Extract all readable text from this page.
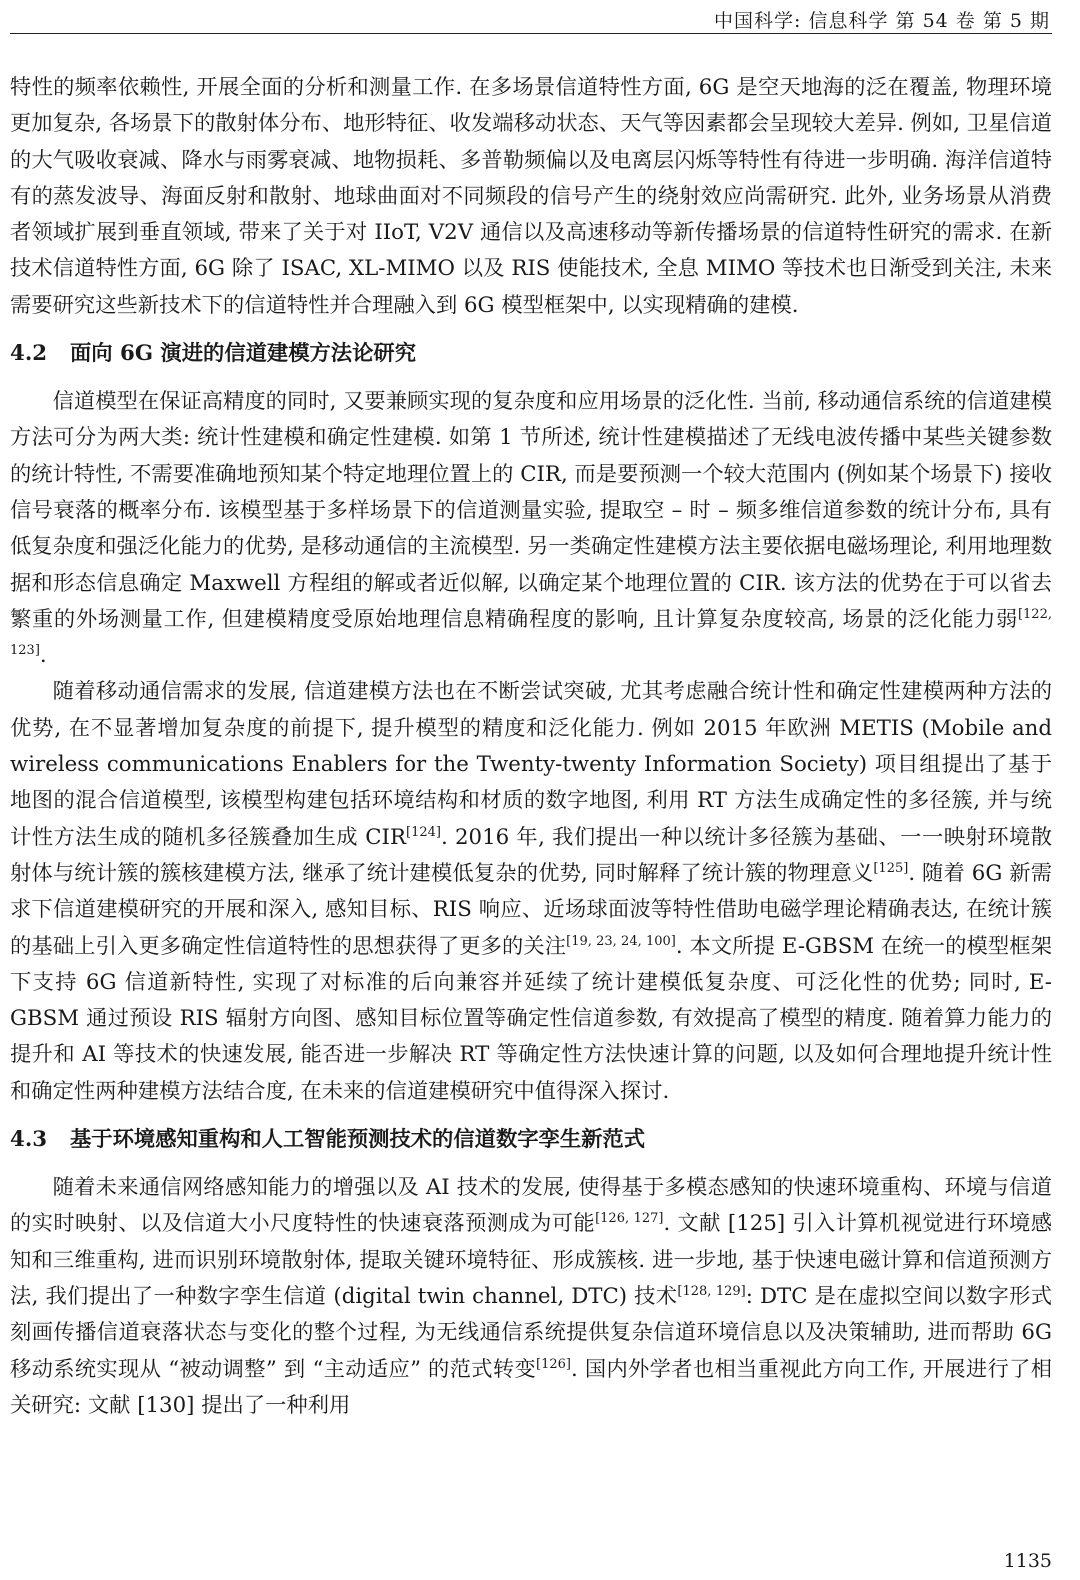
中国科学: 信息科学 第 54 卷 第 5 期

特性的频率依赖性, 开展全面的分析和测量工作. 在多场景信道特性方面, 6G 是空天地海的泛在覆盖, 物理环境更加复杂, 各场景下的散射体分布、地形特征、收发端移动状态、天气等因素都会呈现较大差异. 例如, 卫星信道的大气吸收衰减、降水与雨雾衰减、地物损耗、多普勒频偏以及电离层闪烁等特性有待进一步明确. 海洋信道特有的蒸发波导、海面反射和散射、地球曲面对不同频段的信号产生的绕射效应尚需研究. 此外, 业务场景从消费者领域扩展到垂直领域, 带来了关于对 IIoT, V2V 通信以及高速移动等新传播场景的信道特性研究的需求. 在新技术信道特性方面, 6G 除了 ISAC, XL-MIMO 以及 RIS 使能技术, 全息 MIMO 等技术也日渐受到关注, 未来需要研究这些新技术下的信道特性并合理融入到 6G 模型框架中, 以实现精确的建模.

4.2 面向 6G 演进的信道建模方法论研究

信道模型在保证高精度的同时, 又要兼顾实现的复杂度和应用场景的泛化性. 当前, 移动通信系统的信道建模方法可分为两大类: 统计性建模和确定性建模. 如第 1 节所述, 统计性建模描述了无线电波传播中某些关键参数的统计特性, 不需要准确地预知某个特定地理位置上的 CIR, 而是要预测一个较大范围内 (例如某个场景下) 接收信号衰落的概率分布. 该模型基于多样场景下的信道测量实验, 提取空 – 时 – 频多维信道参数的统计分布, 具有低复杂度和强泛化能力的优势, 是移动通信的主流模型. 另一类确定性建模方法主要依据电磁场理论, 利用地理数据和形态信息确定 Maxwell 方程组的解或者近似解, 以确定某个地理位置的 CIR. 该方法的优势在于可以省去繁重的外场测量工作, 但建模精度受原始地理信息精确程度的影响, 且计算复杂度较高, 场景的泛化能力弱[122, 123].

随着移动通信需求的发展, 信道建模方法也在不断尝试突破, 尤其考虑融合统计性和确定性建模两种方法的优势, 在不显著增加复杂度的前提下, 提升模型的精度和泛化能力. 例如 2015 年欧洲 METIS (Mobile and wireless communications Enablers for the Twenty-twenty Information Society) 项目组提出了基于地图的混合信道模型, 该模型构建包括环境结构和材质的数字地图, 利用 RT 方法生成确定性的多径簇, 并与统计性方法生成的随机多径簇叠加生成 CIR[124]. 2016 年, 我们提出一种以统计多径簇为基础、一一映射环境散射体与统计簇的簇核建模方法, 继承了统计建模低复杂的优势, 同时解释了统计簇的物理意义[125]. 随着 6G 新需求下信道建模研究的开展和深入, 感知目标、RIS 响应、近场球面波等特性借助电磁学理论精确表达, 在统计簇的基础上引入更多确定性信道特性的思想获得了更多的关注[19, 23, 24, 100]. 本文所提 E-GBSM 在统一的模型框架下支持 6G 信道新特性, 实现了对标准的后向兼容并延续了统计建模低复杂度、可泛化性的优势; 同时, E-GBSM 通过预设 RIS 辐射方向图、感知目标位置等确定性信道参数, 有效提高了模型的精度. 随着算力能力的提升和 AI 等技术的快速发展, 能否进一步解决 RT 等确定性方法快速计算的问题, 以及如何合理地提升统计性和确定性两种建模方法结合度, 在未来的信道建模研究中值得深入探讨.

4.3 基于环境感知重构和人工智能预测技术的信道数字孪生新范式

随着未来通信网络感知能力的增强以及 AI 技术的发展, 使得基于多模态感知的快速环境重构、环境与信道的实时映射、以及信道大小尺度特性的快速衰落预测成为可能[126, 127]. 文献 [125] 引入计算机视觉进行环境感知和三维重构, 进而识别环境散射体, 提取关键环境特征、形成簇核. 进一步地, 基于快速电磁计算和信道预测方法, 我们提出了一种数字孪生信道 (digital twin channel, DTC) 技术[128, 129]: DTC 是在虚拟空间以数字形式刻画传播信道衰落状态与变化的整个过程, 为无线通信系统提供复杂信道环境信息以及决策辅助, 进而帮助 6G 移动系统实现从 “被动调整” 到 “主动适应” 的范式转变[126]. 国内外学者也相当重视此方向工作, 开展进行了相关研究: 文献 [130] 提出了一种利用

1135
